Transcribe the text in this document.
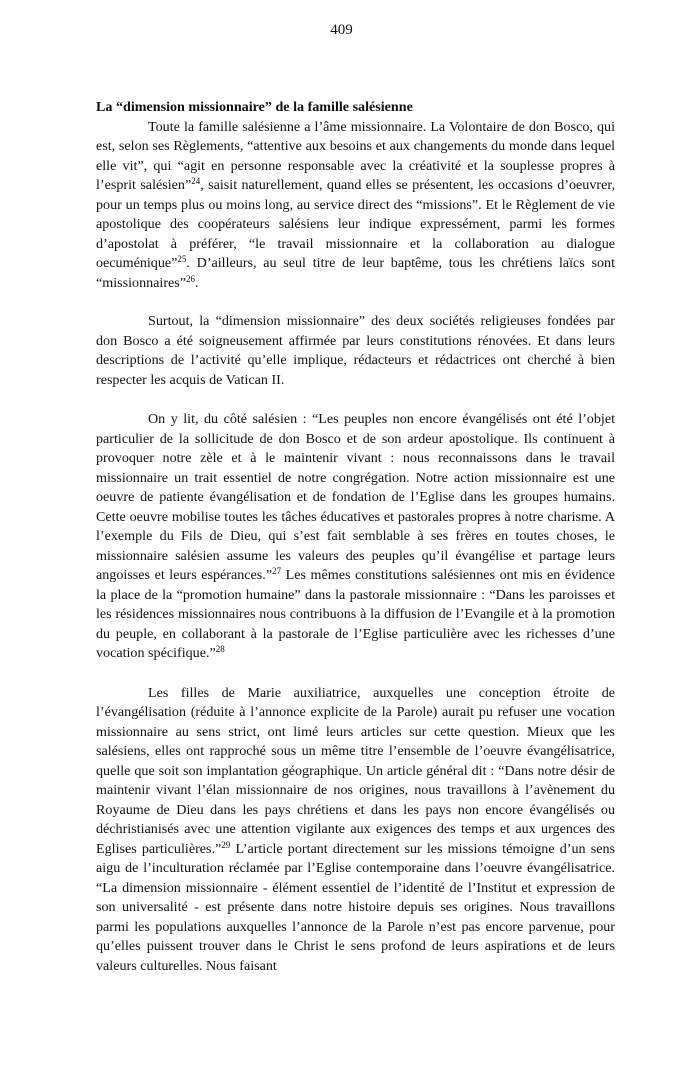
409

La “dimension missionnaire” de la famille salésienne

Toute la famille salésienne a l’âme missionnaire. La Volontaire de don Bosco, qui est, selon ses Règlements, “attentive aux besoins et aux changements du monde dans lequel elle vit”, qui “agit en personne responsable avec la créativité et la souplesse propres à l’esprit salésien”$^{24}$, saisit naturellement, quand elles se présentent, les occasions d’oeuvrer, pour un temps plus ou moins long, au service direct des “missions”. Et le Règlement de vie apostolique des coopérateurs salésiens leur indique expressément, parmi les formes d’apostolat à préférer, “le travail missionnaire et la collaboration au dialogue oecuménique”$^{25}$. D’ailleurs, au seul titre de leur baptême, tous les chrétiens laïcs sont “missionnaires”$^{26}$.

Surtout, la “dimension missionnaire” des deux sociétés religieuses fondées par don Bosco a été soigneusement affirmée par leurs constitutions rénovées. Et dans leurs descriptions de l’activité qu’elle implique, rédacteurs et rédactrices ont cherché à bien respecter les acquis de Vatican II.

On y lit, du côté salésien : “Les peuples non encore évangélisés ont été l’objet particulier de la sollicitude de don Bosco et de son ardeur apostolique. Ils continuent à provoquer notre zèle et à le maintenir vivant : nous reconnaissons dans le travail missionnaire un trait essentiel de notre congrégation. Notre action missionnaire est une oeuvre de patiente évangélisation et de fondation de l’Eglise dans les groupes humains. Cette oeuvre mobilise toutes les tâches éducatives et pastorales propres à notre charisme. A l’exemple du Fils de Dieu, qui s’est fait semblable à ses frères en toutes choses, le missionnaire salésien assume les valeurs des peuples qu’il évangélise et partage leurs angoisses et leurs espérances.”$^{27}$ Les mêmes constitutions salésiennes ont mis en évidence la place de la “promotion humaine” dans la pastorale missionnaire : “Dans les paroisses et les résidences missionnaires nous contribuons à la diffusion de l’Evangile et à la promotion du peuple, en collaborant à la pastorale de l’Eglise particulière avec les richesses d’une vocation spécifique.”$^{28}$

Les filles de Marie auxiliatrice, auxquelles une conception étroite de l’évangélisation (réduite à l’annonce explicite de la Parole) aurait pu refuser une vocation missionnaire au sens strict, ont limé leurs articles sur cette question. Mieux que les salésiens, elles ont rapproché sous un même titre l’ensemble de l’oeuvre évangélisatrice, quelle que soit son implantation géographique. Un article général dit : “Dans notre désir de maintenir vivant l’élan missionnaire de nos origines, nous travaillons à l’avènement du Royaume de Dieu dans les pays chrétiens et dans les pays non encore évangélisés ou déchristianisés avec une attention vigilante aux exigences des temps et aux urgences des Eglises particulières.”$^{29}$ L’article portant directement sur les missions témoigne d’un sens aigu de l’inculturation réclamée par l’Eglise contemporaine dans l’oeuvre évangélisatrice. “La dimension missionnaire - élément essentiel de l’identité de l’Institut et expression de son universalité - est présente dans notre histoire depuis ses origines. Nous travaillons parmi les populations auxquelles l’annonce de la Parole n’est pas encore parvenue, pour qu’elles puissent trouver dans le Christ le sens profond de leurs aspirations et de leurs valeurs culturelles. Nous faisant
